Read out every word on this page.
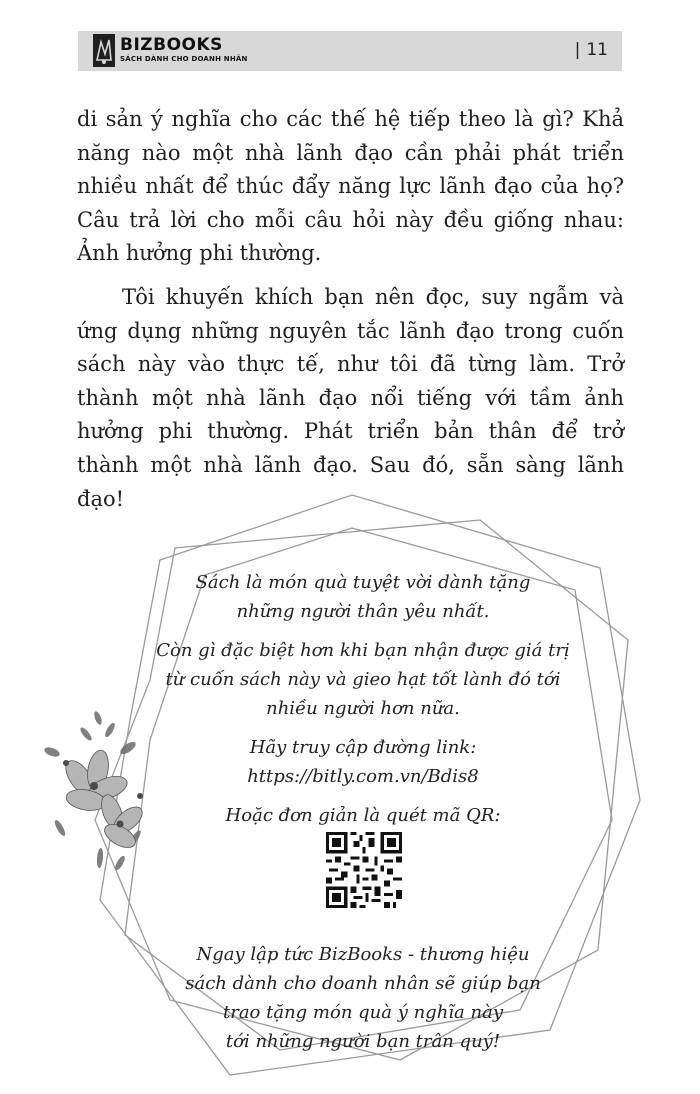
BIZBOOKS
SÁCH DÀNH CHO DOANH NHÂN	| 11

di sản ý nghĩa cho các thế hệ tiếp theo là gì? Khả năng nào một nhà lãnh đạo cần phải phát triển nhiều nhất để thúc đẩy năng lực lãnh đạo của họ? Câu trả lời cho mỗi câu hỏi này đều giống nhau: Ảnh hưởng phi thường.

Tôi khuyến khích bạn nên đọc, suy ngẫm và ứng dụng những nguyên tắc lãnh đạo trong cuốn sách này vào thực tế, như tôi đã từng làm. Trở thành một nhà lãnh đạo nổi tiếng với tầm ảnh hưởng phi thường. Phát triển bản thân để trở thành một nhà lãnh đạo. Sau đó, sẵn sàng lãnh đạo!

Sách là món quà tuyệt vời dành tặng

những người thân yêu nhất.

Còn gì đặc biệt hơn khi bạn nhận được giá trị

từ cuốn sách này và gieo hạt tốt lành đó tới

nhiều người hơn nữa.

Hãy truy cập đường link:

https://bitly.com.vn/Bdis8

Hoặc đơn giản là quét mã QR:

Ngay lập tức BizBooks - thương hiệu

sách dành cho doanh nhân sẽ giúp bạn

trao tặng món quà ý nghĩa này

tới những người bạn trân quý!
